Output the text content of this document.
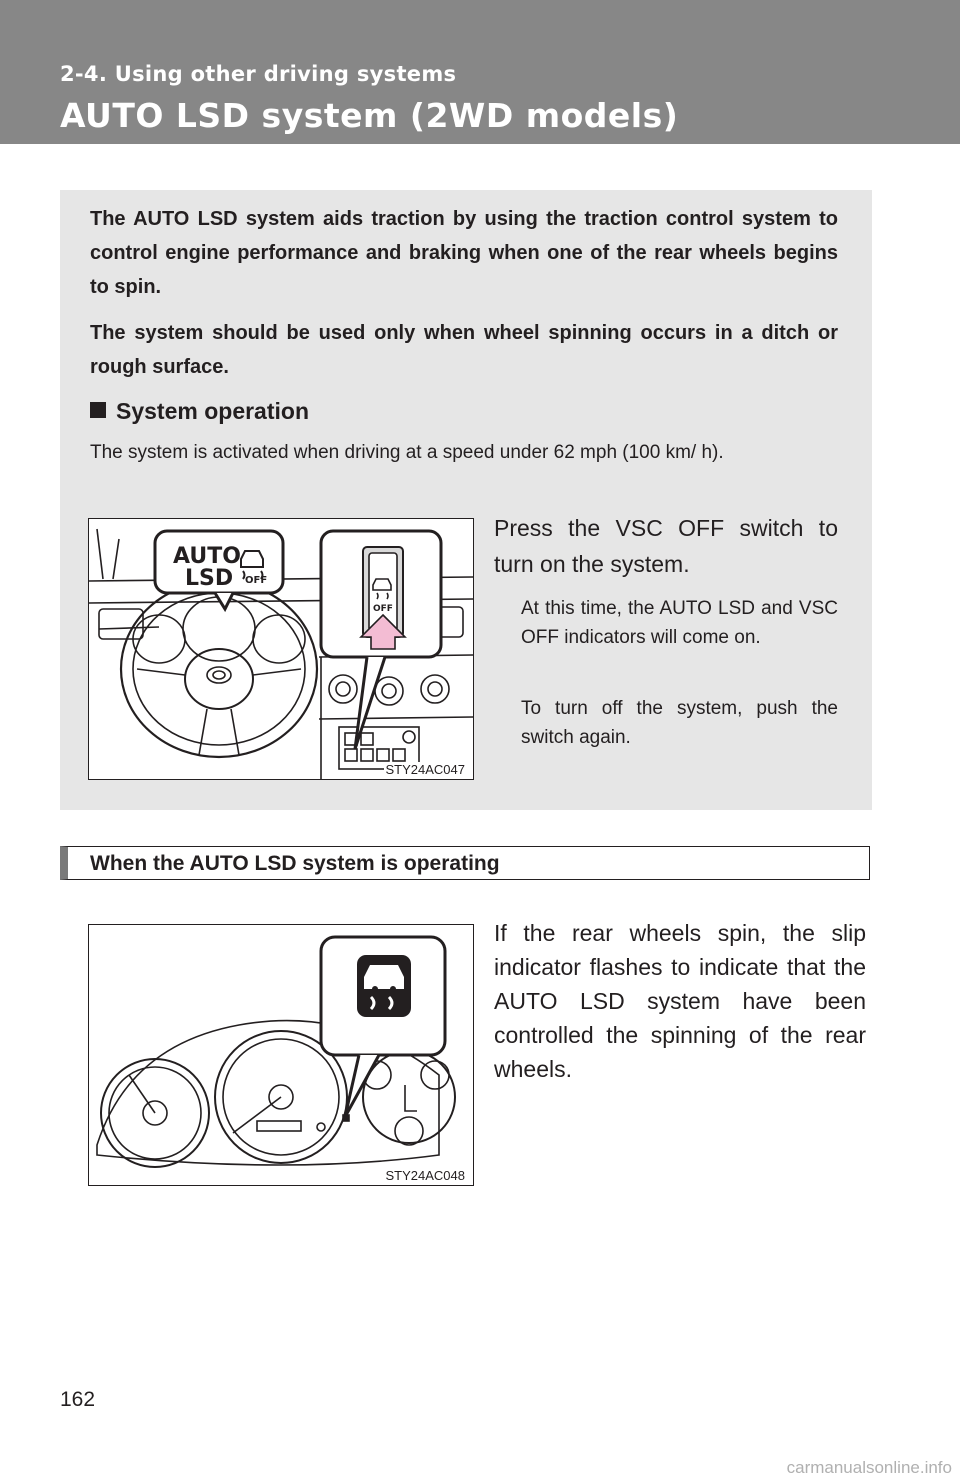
2-4. Using other driving systems
AUTO LSD system (2WD models)
The AUTO LSD system aids traction by using the traction control system to control engine performance and braking when one of the rear wheels begins to spin.
The system should be used only when wheel spinning occurs in a ditch or rough surface.
System operation
The system is activated when driving at a speed under 62 mph (100 km/ h).
AUTO
LSD OFF
OFF
STY24AC047
Press the VSC OFF switch to turn on the system.
At this time, the AUTO LSD and VSC OFF indicators will come on.
To turn off the system, push the switch again.
When the AUTO LSD system is operating
STY24AC048
If the rear wheels spin, the slip indicator flashes to indicate that the AUTO LSD system have been controlled the spinning of the rear wheels.
162
carmanualsonline.info
